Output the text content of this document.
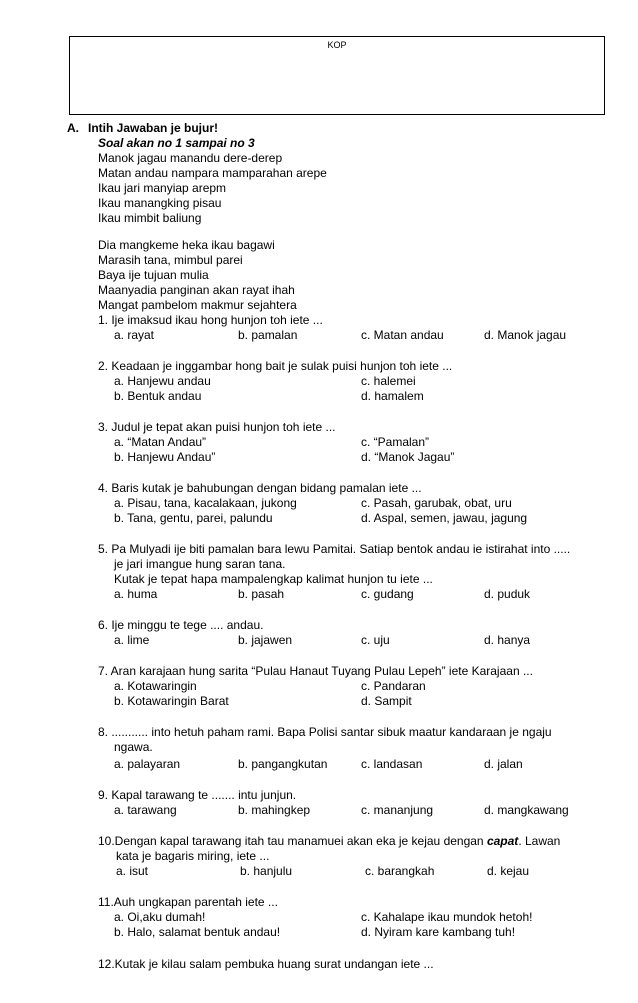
KOP
A. Intih Jawaban je bujur!
Soal akan no 1 sampai no 3
Manok jagau manandu dere-derep
Matan andau nampara mamparahan arepe
Ikau jari manyiap arepm
Ikau manangking pisau
Ikau mimbit baliung
Dia mangkeme heka ikau bagawi
Marasih tana, mimbul parei
Baya ije tujuan mulia
Maanyadia panginan akan rayat ihah
Mangat pambelom makmur sejahtera
1. Ije imaksud ikau hong hunjon toh iete ...
a. rayat	b. pamalan	c. Matan andau	d. Manok jagau
2. Keadaan je inggambar hong bait je sulak puisi hunjon toh iete ...
a. Hanjewu andau	c. halemei
b. Bentuk andau	d. hamalem
3. Judul je tepat akan puisi hunjon toh iete ...
a. “Matan Andau”	c. “Pamalan”
b. Hanjewu Andau”	d. “Manok Jagau”
4. Baris kutak je bahubungan dengan bidang pamalan iete ...
a. Pisau, tana, kacalakaan, jukong	c. Pasah, garubak, obat, uru
b. Tana, gentu, parei, palundu	d. Aspal, semen, jawau, jagung
5. Pa Mulyadi ije biti pamalan bara lewu Pamitai. Satiap bentok andau ie istirahat into .....
je jari imangue hung saran tana.
Kutak je tepat hapa mampalengkap kalimat hunjon tu iete ...
a. huma	b. pasah	c. gudang	d. puduk
6. Ije minggu te tege .... andau.
a. lime	b. jajawen	c. uju	d. hanya
7. Aran karajaan hung sarita “Pulau Hanaut Tuyang Pulau Lepeh” iete Karajaan ...
a. Kotawaringin	c. Pandaran
b. Kotawaringin Barat	d. Sampit
8. ........... into hetuh paham rami. Bapa Polisi santar sibuk maatur kandaraan je ngaju
ngawa.
a. palayaran	b. pangangkutan	c. landasan	d. jalan
9. Kapal tarawang te ....... intu junjun.
a. tarawang	b. mahingkep	c. mananjung	d. mangkawang
10.Dengan kapal tarawang itah tau manamuei akan eka je kejau dengan capat. Lawan
kata je bagaris miring, iete ...
a. isut	b. hanjulu	c. barangkah	d. kejau
11.Auh ungkapan parentah iete ...
a. Oi,aku dumah!	c. Kahalape ikau mundok hetoh!
b. Halo, salamat bentuk andau!	d. Nyiram kare kambang tuh!
12.Kutak je kilau salam pembuka huang surat undangan iete ...
